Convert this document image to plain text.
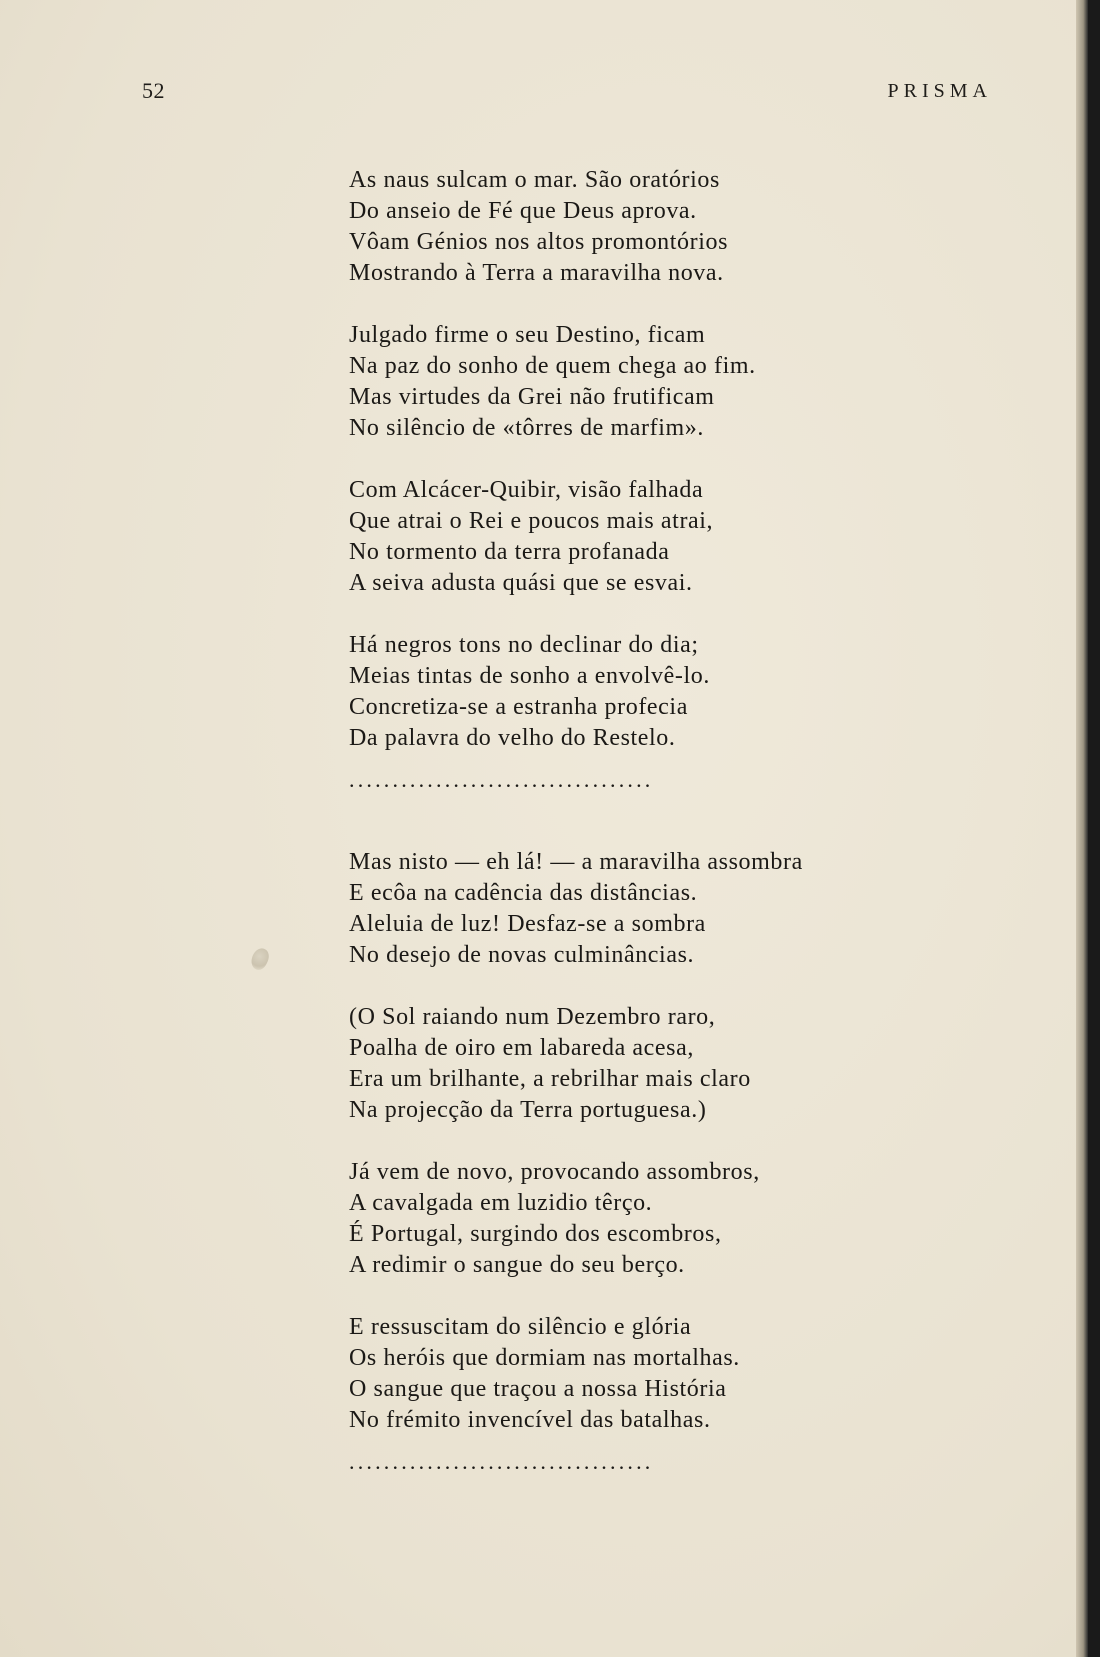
52	PRISMA
As naus sulcam o mar. São oratórios
Do anseio de Fé que Deus aprova.
Vôam Génios nos altos promontórios
Mostrando à Terra a maravilha nova.
Julgado firme o seu Destino, ficam
Na paz do sonho de quem chega ao fim.
Mas virtudes da Grei não frutificam
No silêncio de «tôrres de marfim».
Com Alcácer-Quibir, visão falhada
Que atrai o Rei e poucos mais atrai,
No tormento da terra profanada
A seiva adusta quási que se esvai.
Há negros tons no declinar do dia;
Meias tintas de sonho a envolvê-lo.
Concretiza-se a estranha profecia
Da palavra do velho do Restelo.
...................................
Mas nisto — eh lá! — a maravilha assombra
E ecôa na cadência das distâncias.
Aleluia de luz! Desfaz-se a sombra
No desejo de novas culminâncias.
(O Sol raiando num Dezembro raro,
Poalha de oiro em labareda acesa,
Era um brilhante, a rebrilhar mais claro
Na projecção da Terra portuguesa.)
Já vem de novo, provocando assombros,
A cavalgada em luzidio têrço.
É Portugal, surgindo dos escombros,
A redimir o sangue do seu berço.
E ressuscitam do silêncio e glória
Os heróis que dormiam nas mortalhas.
O sangue que traçou a nossa História
No frémito invencível das batalhas.
...................................
